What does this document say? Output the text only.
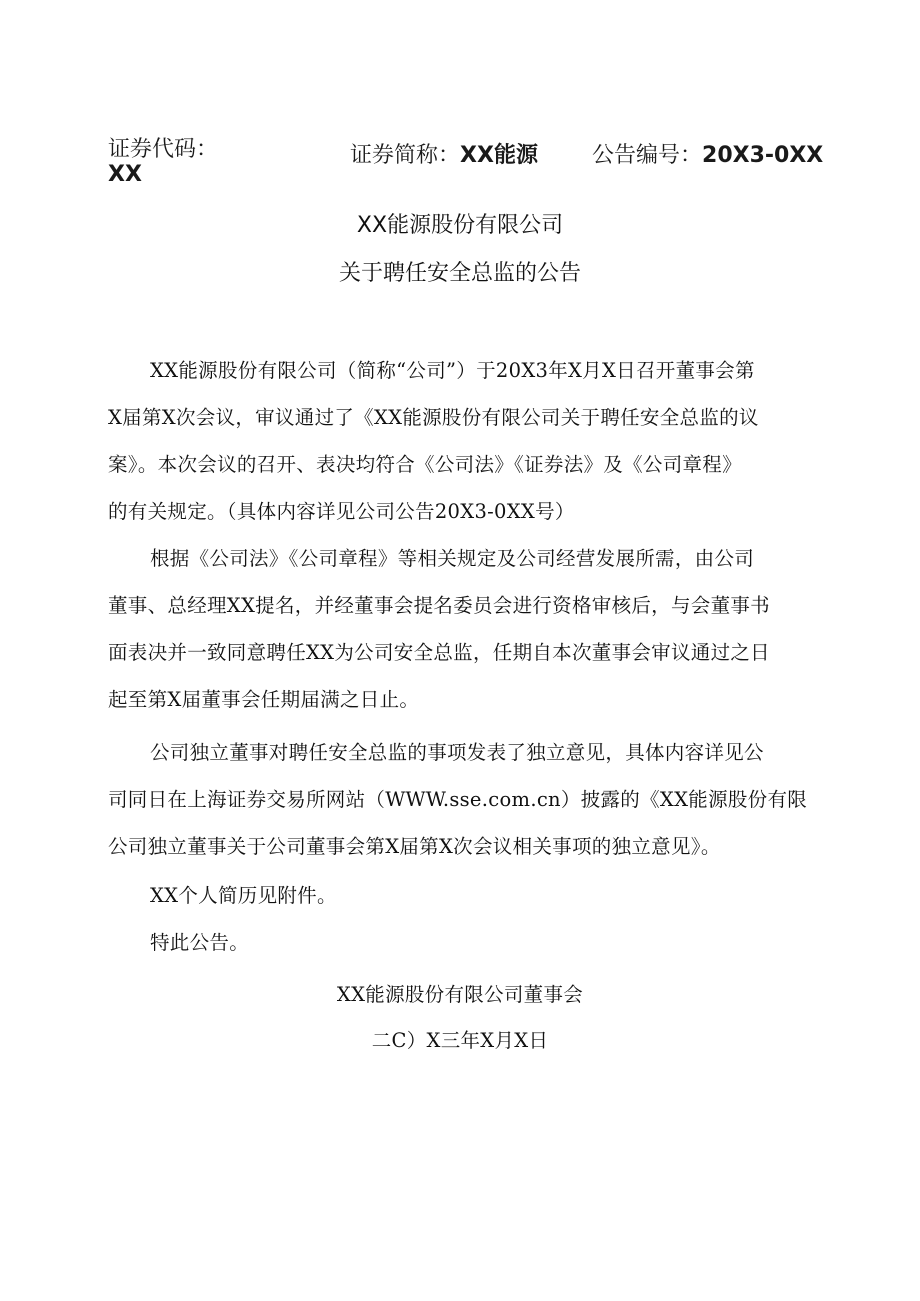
证券代码：
XX
证券简称：XX能源 公告编号：20X3-0XX
XX能源股份有限公司
关于聘任安全总监的公告
XX能源股份有限公司（简称“公司”）于20X3年X月X日召开董事会第
X届第X次会议，审议通过了《XX能源股份有限公司关于聘任安全总监的议
案》。本次会议的召开、表决均符合《公司法》《证券法》及《公司章程》
的有关规定。（具体内容详见公司公告20X3-0XX号）
根据《公司法》《公司章程》等相关规定及公司经营发展所需，由公司
董事、总经理XX提名，并经董事会提名委员会进行资格审核后，与会董事书
面表决并一致同意聘任XX为公司安全总监，任期自本次董事会审议通过之日
起至第X届董事会任期届满之日止。
公司独立董事对聘任安全总监的事项发表了独立意见，具体内容详见公
司同日在上海证券交易所网站（WWW.sse.com.cn）披露的《XX能源股份有限
公司独立董事关于公司董事会第X届第X次会议相关事项的独立意见》。
XX个人简历见附件。
特此公告。
XX能源股份有限公司董事会
二C）X三年X月X日
